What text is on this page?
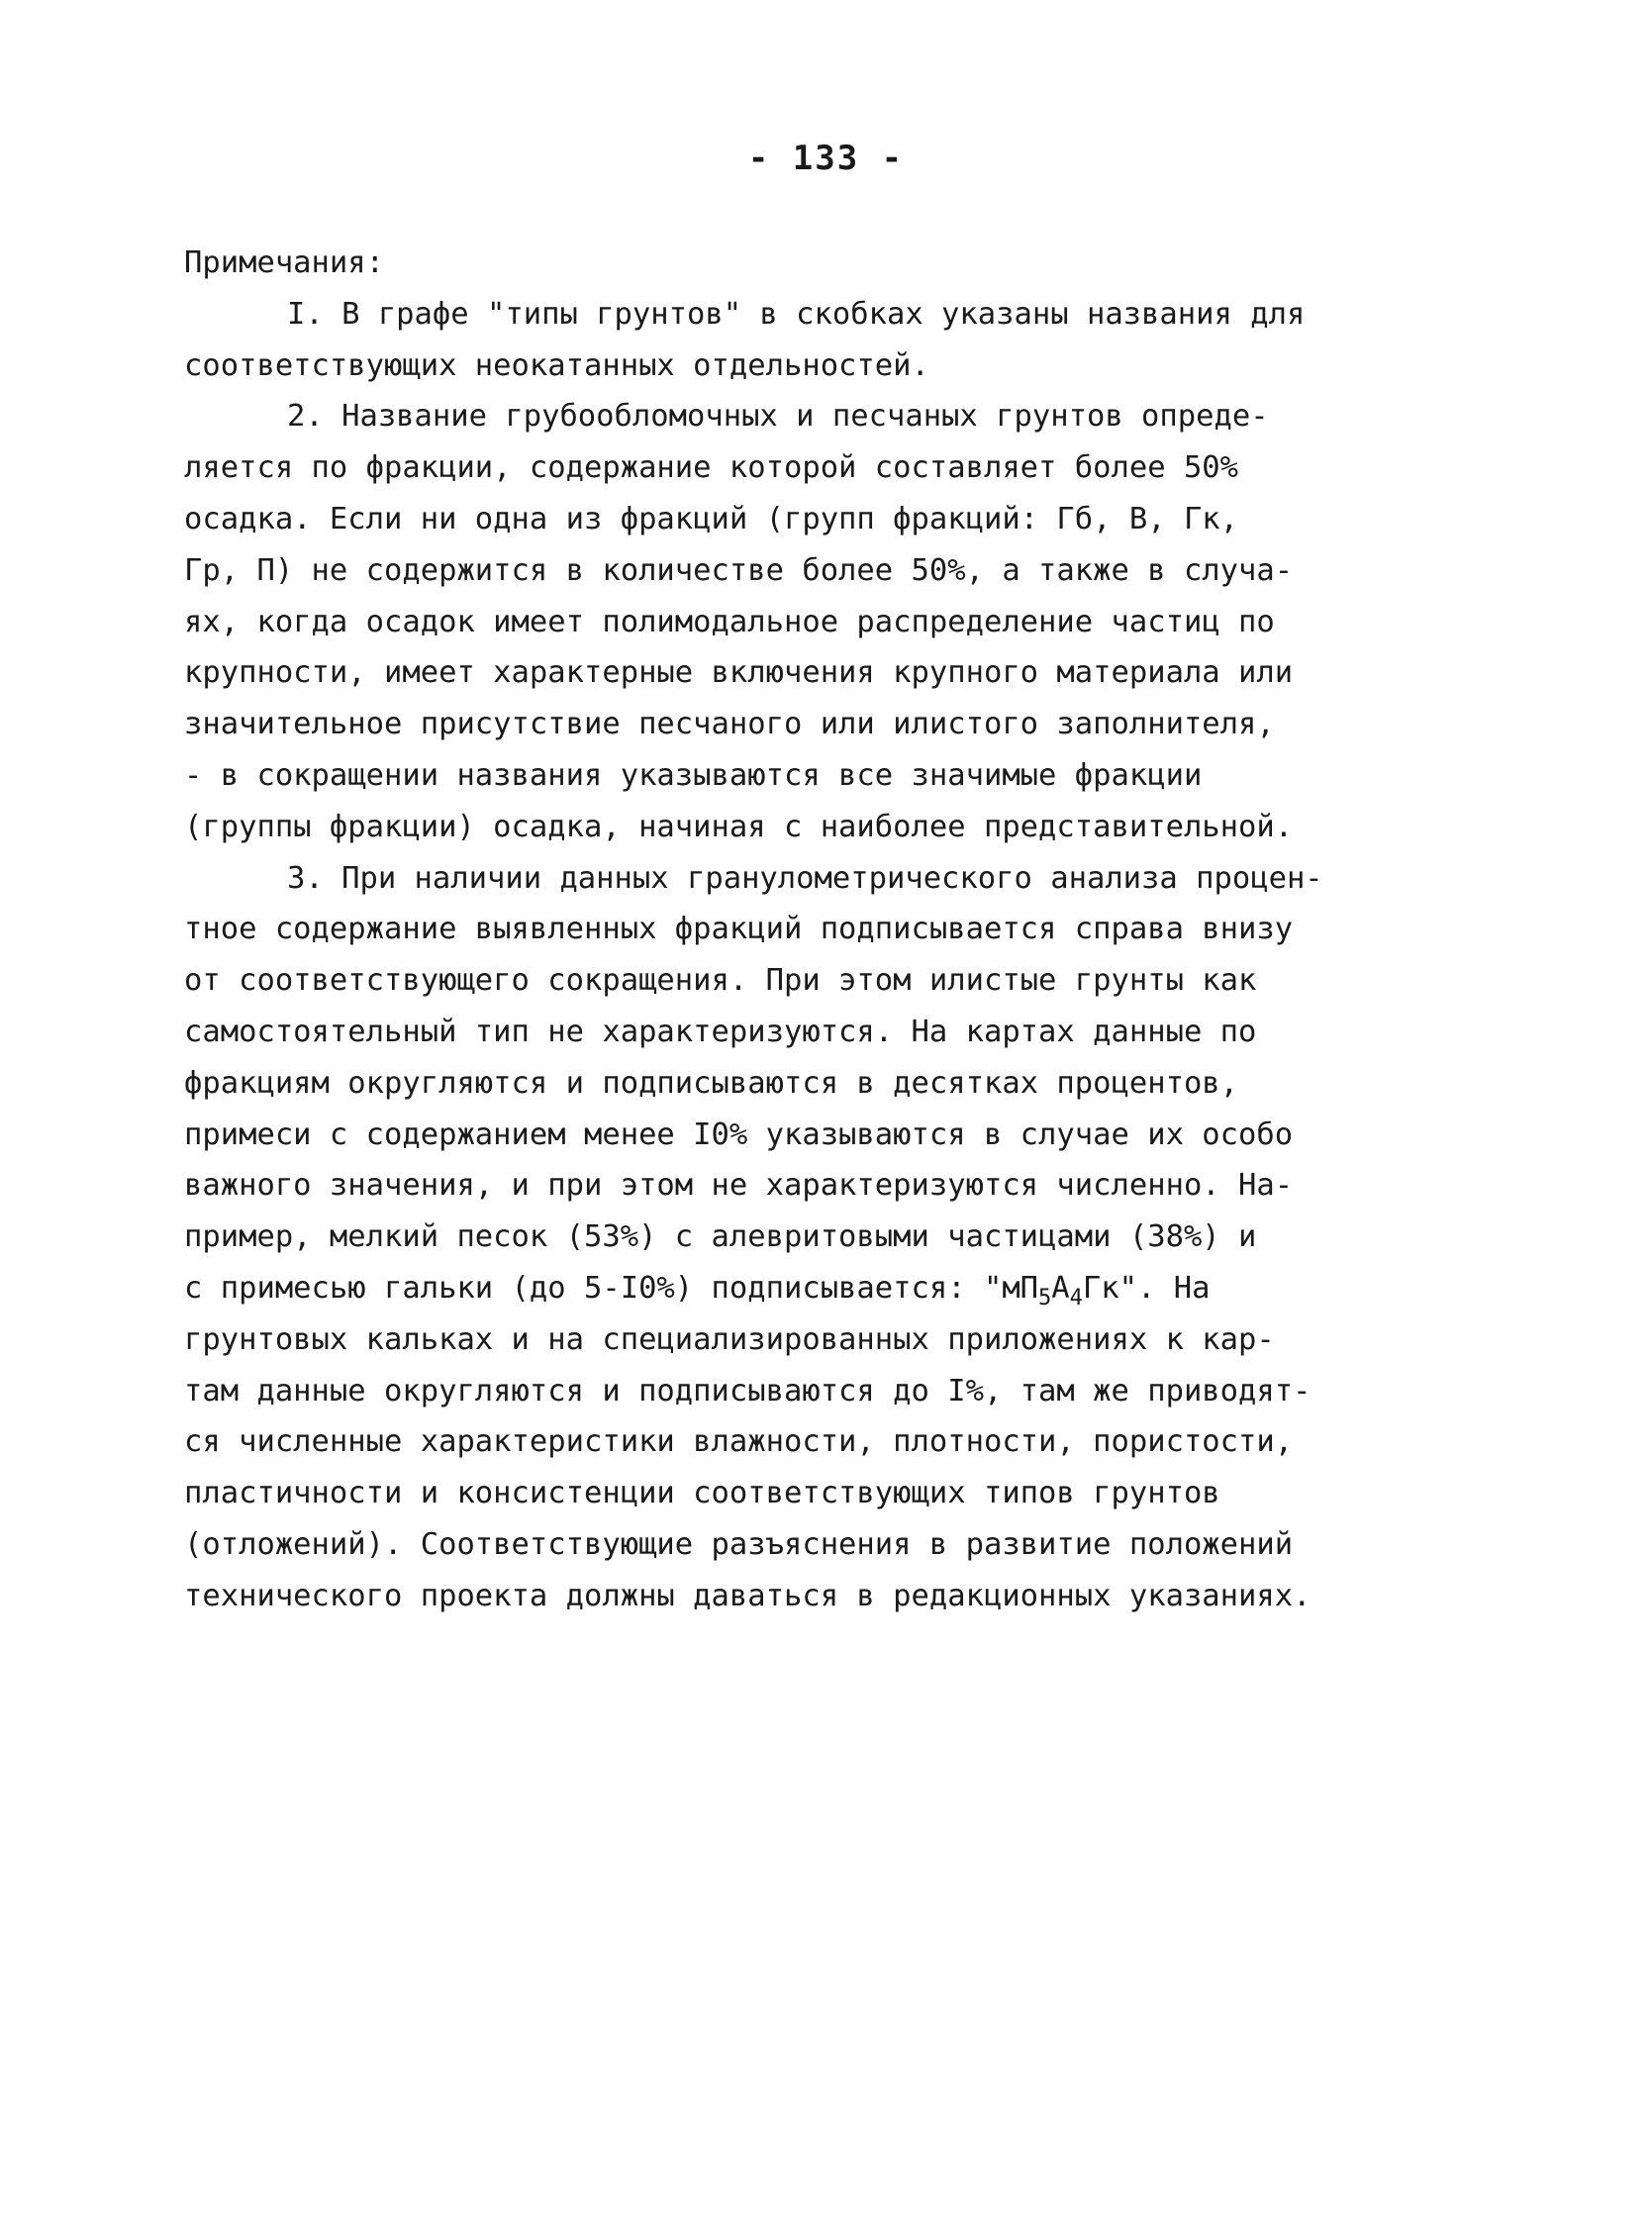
- 133 -
Примечания:
I. В графе "типы грунтов" в скобках указаны названия для
соответствующих неокатанных отдельностей.
2. Название грубообломочных и песчаных грунтов опреде-
ляется по фракции, содержание которой составляет более 50%
осадка. Если ни одна из фракций (групп фракций: Гб, В, Гк,
Гр, П) не содержится в количестве более 50%, а также в случа-
ях, когда осадок имеет полимодальное распределение частиц по
крупности, имеет характерные включения крупного материала или
значительное присутствие песчаного или илистого заполнителя,
- в сокращении названия указываются все значимые фракции
(группы фракции) осадка, начиная с наиболее представительной.
3. При наличии данных гранулометрического анализа процен-
тное содержание выявленных фракций подписывается справа внизу
от соответствующего сокращения. При этом илистые грунты как
самостоятельный тип не характеризуются. На картах данные по
фракциям округляются и подписываются в десятках процентов,
примеси с содержанием менее I0% указываются в случае их особо
важного значения, и при этом не характеризуются численно. На-
пример, мелкий песок (53%) с алевритовыми частицами (38%) и
с примесью гальки (до 5-I0%) подписывается: "$мП_5А_4Гк$". На
грунтовых кальках и на специализированных приложениях к кар-
там данные округляются и подписываются до I%, там же приводят-
ся численные характеристики влажности, плотности, пористости,
пластичности и консистенции соответствующих типов грунтов
(отложений). Соответствующие разъяснения в развитие положений
технического проекта должны даваться в редакционных указаниях.
